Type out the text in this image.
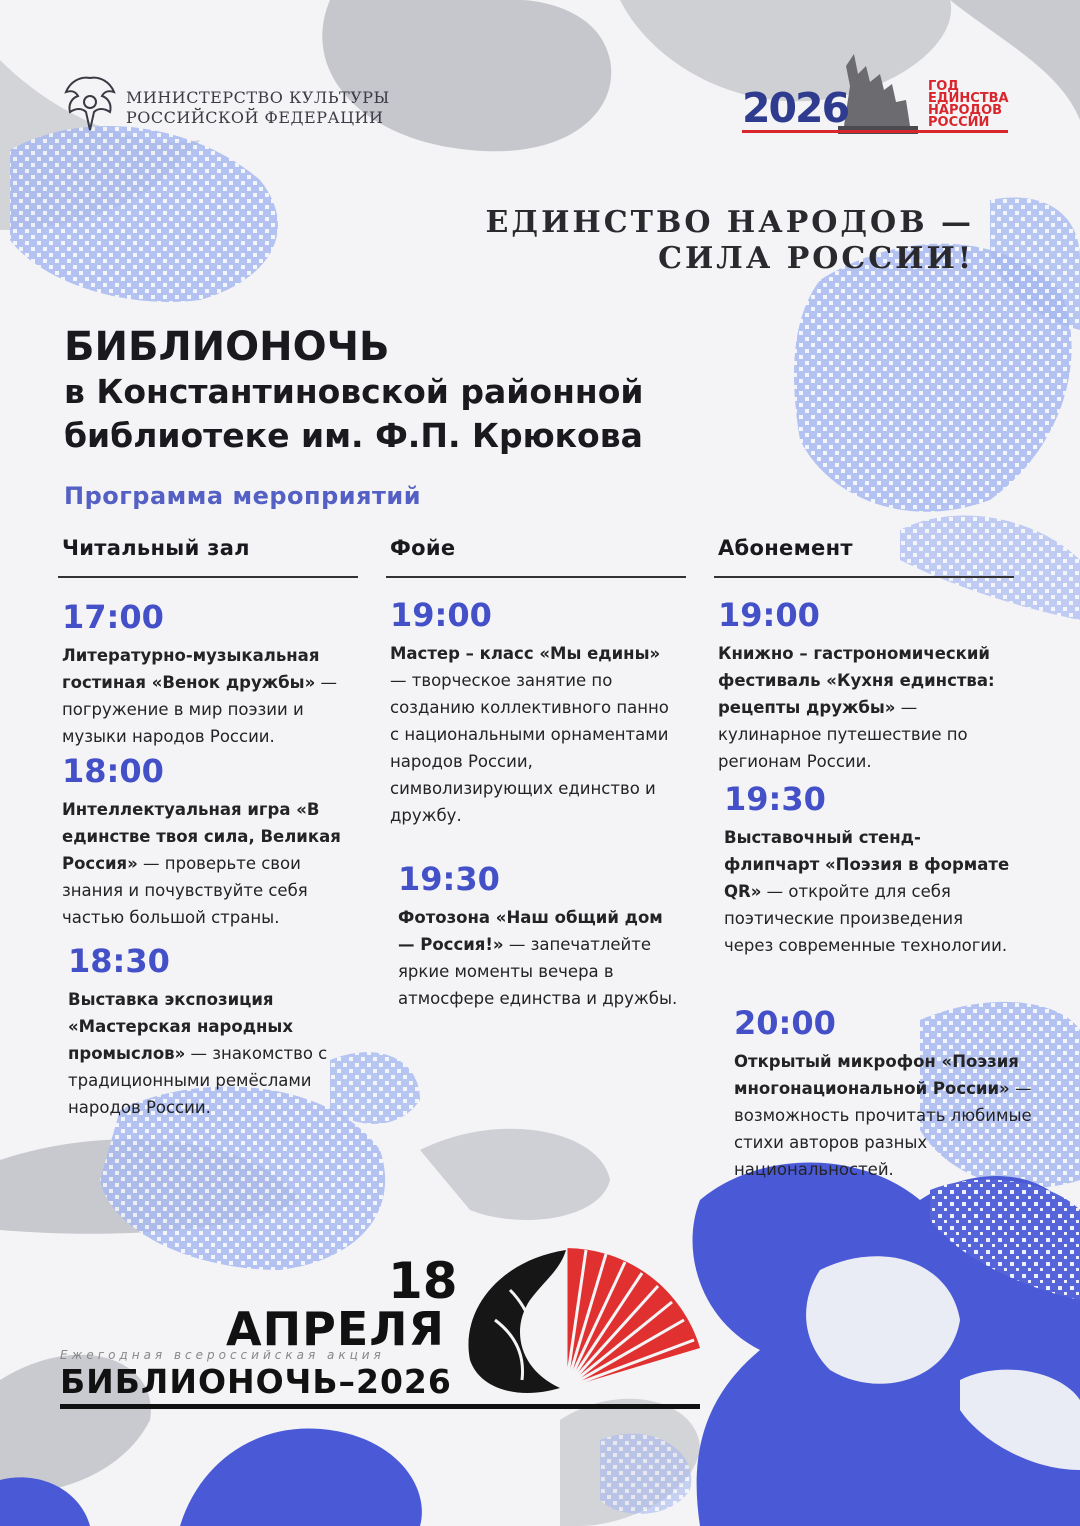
МИНИСТЕРСТВО КУЛЬТУРЫ
РОССИЙСКОЙ ФЕДЕРАЦИИ	2026	ГОД
ЕДИНСТВА
НАРОДОВ
РОССИИ
ЕДИНСТВО НАРОДОВ —
СИЛА РОССИИ!
БИБЛИОНОЧЬ
в Константиновской районной
библиотеке им. Ф.П. Крюкова
Программа мероприятий
Читальный зал
17:00
Литературно-музыкальная гостиная «Венок дружбы» — погружение в мир поэзии и музыки народов России.
18:00
Интеллектуальная игра «В единстве твоя сила, Великая Россия» — проверьте свои знания и почувствуйте себя частью большой страны.
18:30
Выставка экспозиция «Мастерская народных промыслов» — знакомство с традиционными ремёслами народов России.
Фойе
19:00
Мастер – класс «Мы едины» — творческое занятие по созданию коллективного панно с национальными орнаментами народов России, символизирующих единство и дружбу.
19:30
Фотозона «Наш общий дом — Россия!» — запечатлейте яркие моменты вечера в атмосфере единства и дружбы.
Абонемент
19:00
Книжно – гастрономический фестиваль «Кухня единства: рецепты дружбы» — кулинарное путешествие по регионам России.
19:30
Выставочный стенд-флипчарт «Поэзия в формате QR» — откройте для себя поэтические произведения через современные технологии.
20:00
Открытый микрофон «Поэзия многонациональной России» — возможность прочитать любимые стихи авторов разных национальностей.
18
АПРЕЛЯ
Ежегодная всероссийская акция
БИБЛИОНОЧЬ–2026
